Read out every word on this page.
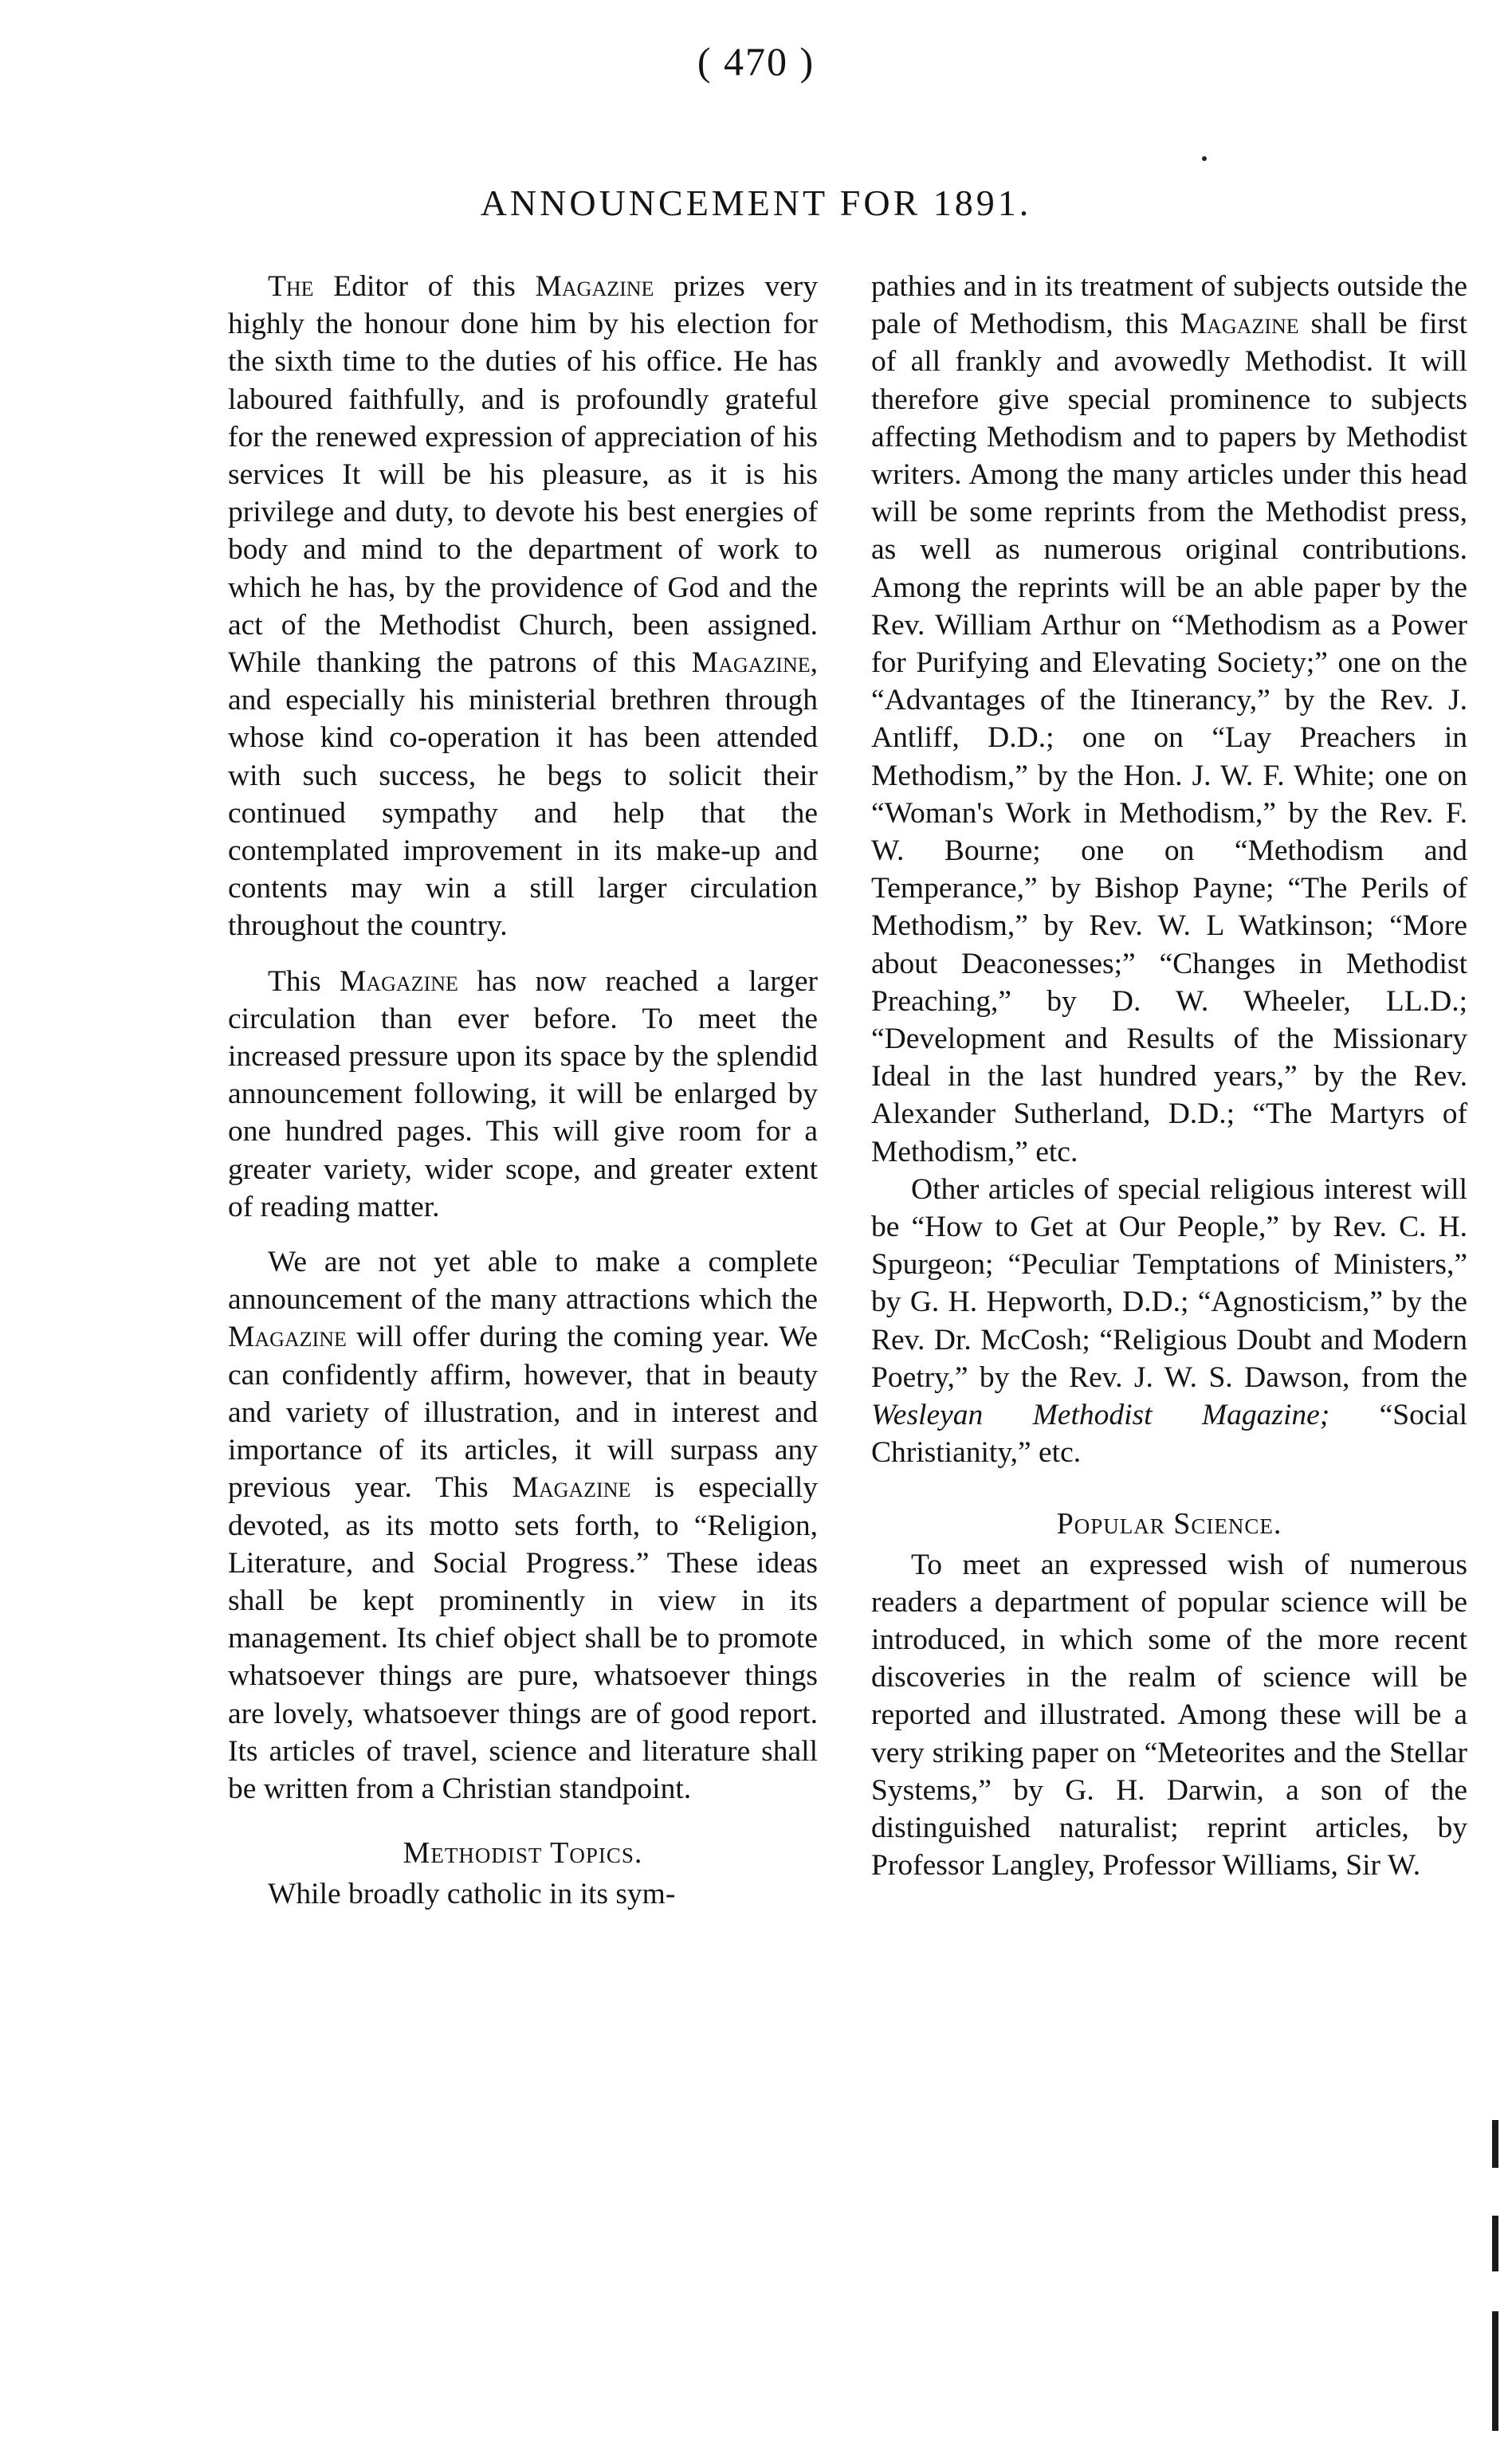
( 470 )
ANNOUNCEMENT FOR 1891.

The Editor of this Magazine prizes very highly the honour done him by his election for the sixth time to the duties of his office. He has laboured faithfully, and is profoundly grateful for the renewed expression of appreciation of his services It will be his pleasure, as it is his privilege and duty, to devote his best energies of body and mind to the department of work to which he has, by the providence of God and the act of the Methodist Church, been assigned. While thanking the patrons of this Magazine, and especially his ministerial brethren through whose kind co-operation it has been attended with such success, he begs to solicit their continued sympathy and help that the contemplated improvement in its make-up and contents may win a still larger circulation throughout the country.

This Magazine has now reached a larger circulation than ever before. To meet the increased pressure upon its space by the splendid announcement following, it will be enlarged by one hundred pages. This will give room for a greater variety, wider scope, and greater extent of reading matter.

We are not yet able to make a complete announcement of the many attractions which the Magazine will offer during the coming year. We can confidently affirm, however, that in beauty and variety of illustration, and in interest and importance of its articles, it will surpass any previous year. This Magazine is especially devoted, as its motto sets forth, to “Religion, Literature, and Social Progress.” These ideas shall be kept prominently in view in its management. Its chief object shall be to promote whatsoever things are pure, whatsoever things are lovely, whatsoever things are of good report. Its articles of travel, science and literature shall be written from a Christian standpoint.

Methodist Topics.

While broadly catholic in its sym-

pathies and in its treatment of subjects outside the pale of Methodism, this Magazine shall be first of all frankly and avowedly Methodist. It will therefore give special prominence to subjects affecting Methodism and to papers by Methodist writers. Among the many articles under this head will be some reprints from the Methodist press, as well as numerous original contributions. Among the reprints will be an able paper by the Rev. William Arthur on “Methodism as a Power for Purifying and Elevating Society;” one on the “Advantages of the Itinerancy,” by the Rev. J. Antliff, D.D.; one on “Lay Preachers in Methodism,” by the Hon. J. W. F. White; one on “Woman's Work in Methodism,” by the Rev. F. W. Bourne; one on “Methodism and Temperance,” by Bishop Payne; “The Perils of Methodism,” by Rev. W. L Watkinson; “More about Deaconesses;” “Changes in Methodist Preaching,” by D. W. Wheeler, LL.D.; “Development and Results of the Missionary Ideal in the last hundred years,” by the Rev. Alexander Sutherland, D.D.; “The Martyrs of Methodism,” etc.

Other articles of special religious interest will be “How to Get at Our People,” by Rev. C. H. Spurgeon; “Peculiar Temptations of Ministers,” by G. H. Hepworth, D.D.; “Agnosticism,” by the Rev. Dr. McCosh; “Religious Doubt and Modern Poetry,” by the Rev. J. W. S. Dawson, from the Wesleyan Methodist Magazine; “Social Christianity,” etc.

Popular Science.

To meet an expressed wish of numerous readers a department of popular science will be introduced, in which some of the more recent discoveries in the realm of science will be reported and illustrated. Among these will be a very striking paper on “Meteorites and the Stellar Systems,” by G. H. Darwin, a son of the distinguished naturalist; reprint articles, by Professor Langley, Professor Williams, Sir W.
